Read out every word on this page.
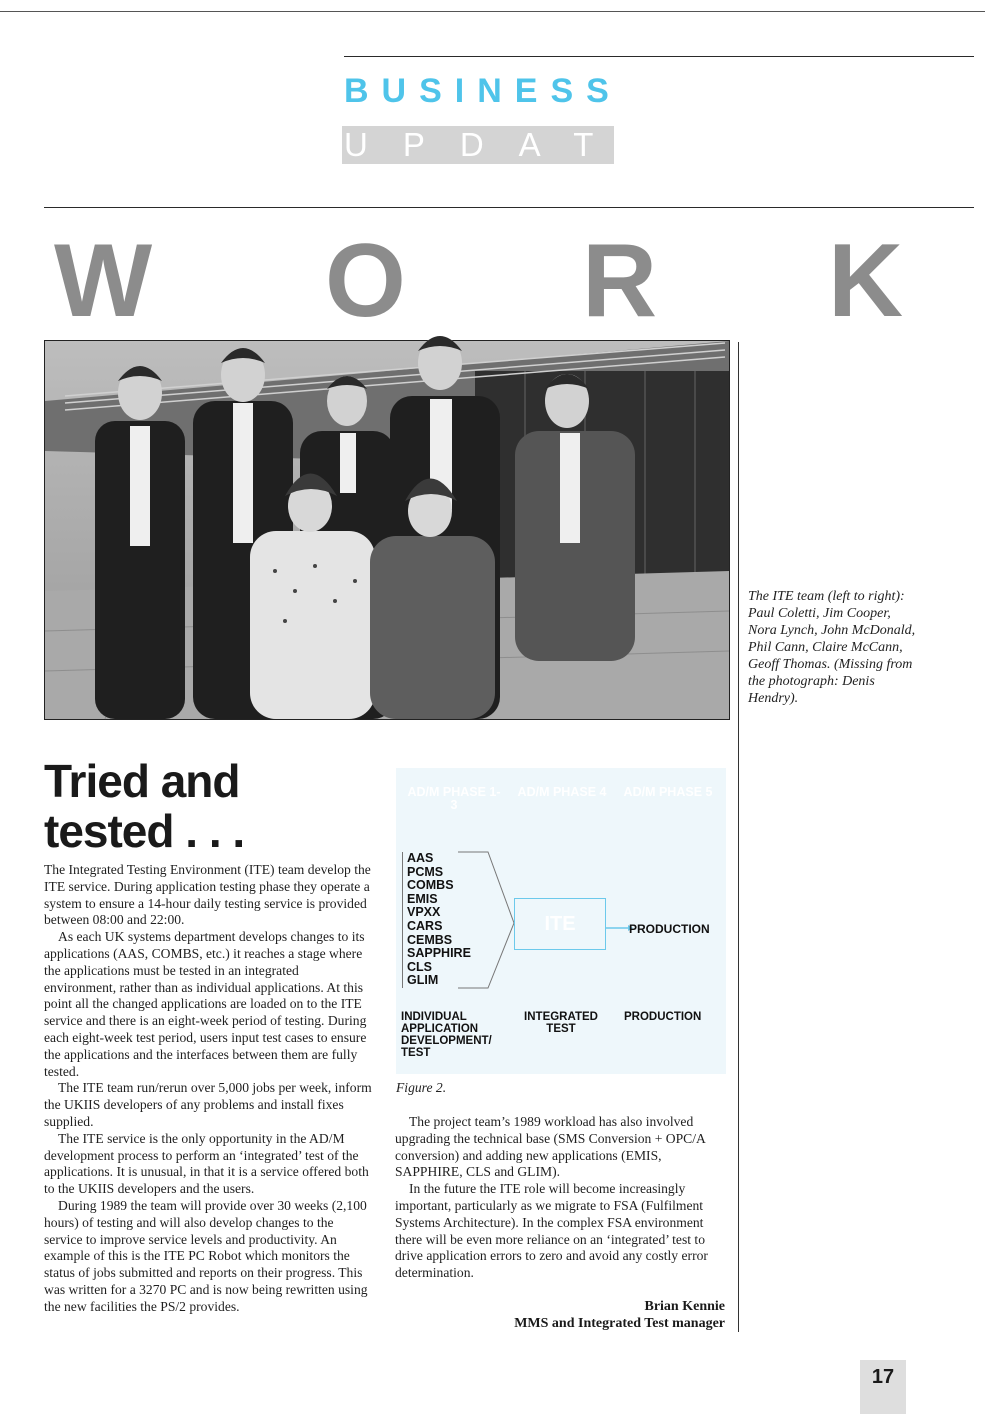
BUSINESS
UPDATE
W O R K
The ITE team (left to right): Paul Coletti, Jim Cooper, Nora Lynch, John McDonald, Phil Cann, Claire McCann, Geoff Thomas. (Missing from the photograph: Denis Hendry).
Tried and tested . . .

The Integrated Testing Environment (ITE) team develop the ITE service. During application testing phase they operate a system to ensure a 14-hour daily testing service is provided between 08:00 and 22:00.

As each UK systems department develops changes to its applications (AAS, COMBS, etc.) it reaches a stage where the applications must be tested in an integrated environment, rather than as individual applications. At this point all the changed applications are loaded on to the ITE service and there is an eight-week period of testing. During each eight-week test period, users input test cases to ensure the applications and the interfaces between them are fully tested.

The ITE team run/rerun over 5,000 jobs per week, inform the UKIIS developers of any problems and install fixes supplied.

The ITE service is the only opportunity in the AD/M development process to perform an ‘integrated’ test of the applications. It is unusual, in that it is a service offered both to the UKIIS developers and the users.

During 1989 the team will provide over 30 weeks (2,100 hours) of testing and will also develop changes to the service to improve service levels and productivity. An example of this is the ITE PC Robot which monitors the status of jobs submitted and reports on their progress. This was written for a 3270 PC and is now being rewritten using the new facilities the PS/2 provides.

AD/M PHASE 1-3
AD/M PHASE 4	AD/M PHASE 5
AAS
PCMS
COMBS
EMIS
VPXX
CARS
CEMBS
SAPPHIRE
CLS
GLIM
ITE	PRODUCTION
INDIVIDUAL APPLICATION DEVELOPMENT/ TEST
INTEGRATED TEST
PRODUCTION
Figure 2.

The project team’s 1989 workload has also involved upgrading the technical base (SMS Conversion + OPC/A conversion) and adding new applications (EMIS, SAPPHIRE, CLS and GLIM).

In the future the ITE role will become increasingly important, particularly as we migrate to FSA (Fulfilment Systems Architecture). In the complex FSA environment there will be even more reliance on an ‘integrated’ test to drive application errors to zero and avoid any costly error determination.

Brian Kennie
MMS and Integrated Test manager
17
